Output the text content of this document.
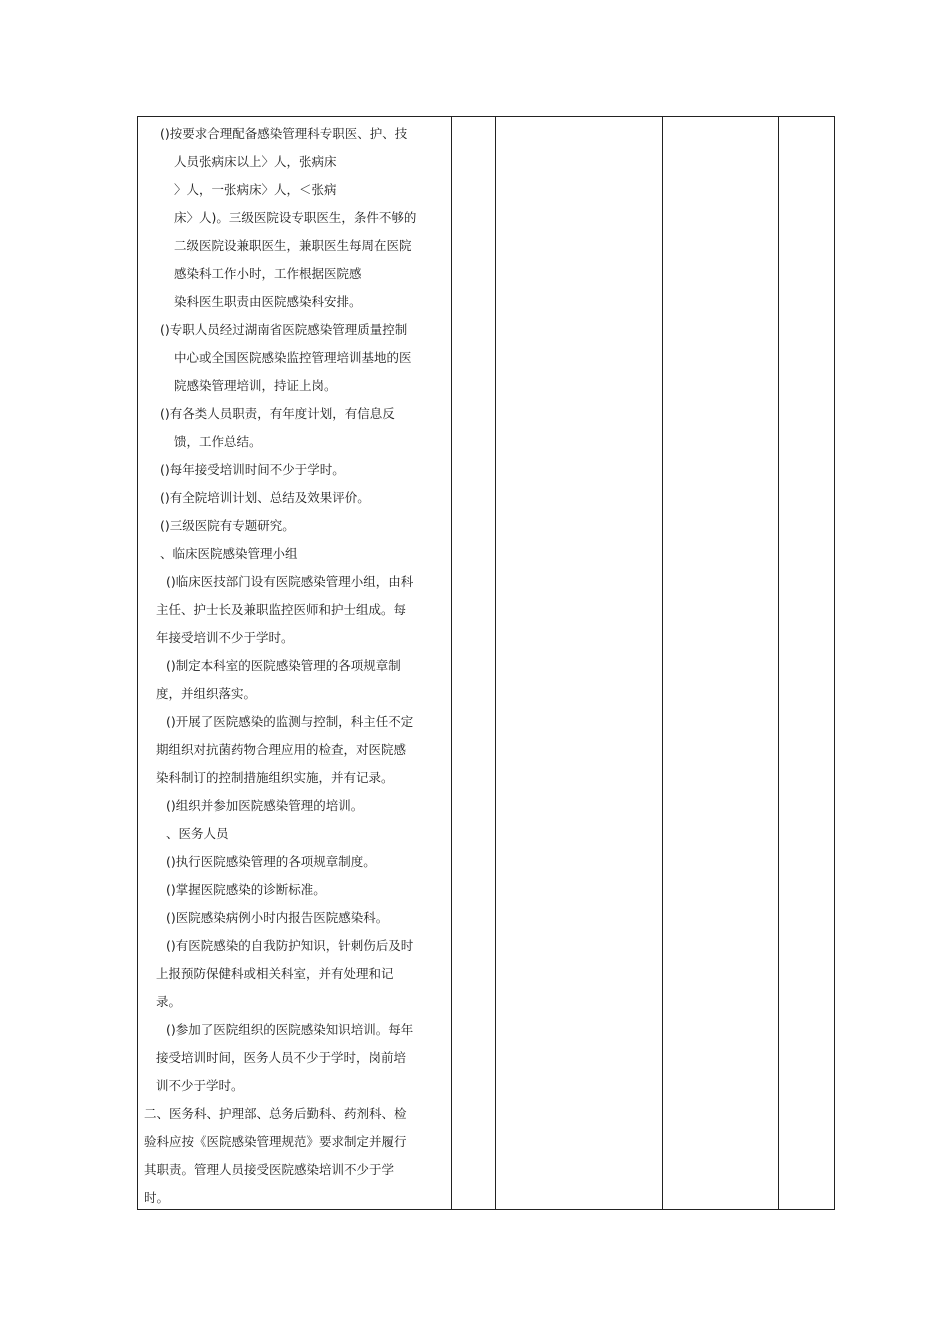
()按要求合理配备感染管理科专职医、护、技
人员张病床以上〉人，张病床
〉人，一张病床〉人，＜张病
床〉人)。三级医院设专职医生，条件不够的
二级医院设兼职医生，兼职医生每周在医院
感染科工作小时，工作根据医院感
染科医生职责由医院感染科安排。
()专职人员经过湖南省医院感染管理质量控制
中心或全国医院感染监控管理培训基地的医
院感染管理培训，持证上岗。
()有各类人员职责，有年度计划，有信息反
馈，工作总结。
()每年接受培训时间不少于学时。
()有全院培训计划、总结及效果评价。
()三级医院有专题研究。
、临床医院感染管理小组
()临床医技部门设有医院感染管理小组，由科
主任、护士长及兼职监控医师和护士组成。每
年接受培训不少于学时。
()制定本科室的医院感染管理的各项规章制
度，并组织落实。
()开展了医院感染的监测与控制，科主任不定
期组织对抗菌药物合理应用的检查，对医院感
染科制订的控制措施组织实施，并有记录。
()组织并参加医院感染管理的培训。
、医务人员
()执行医院感染管理的各项规章制度。
()掌握医院感染的诊断标准。
()医院感染病例小时内报告医院感染科。
()有医院感染的自我防护知识，针刺伤后及时
上报预防保健科或相关科室，并有处理和记
录。
()参加了医院组织的医院感染知识培训。每年
接受培训时间，医务人员不少于学时，岗前培
训不少于学时。
二、医务科、护理部、总务后勤科、药剂科、检
验科应按《医院感染管理规范》要求制定并履行
其职责。管理人员接受医院感染培训不少于学
时。
